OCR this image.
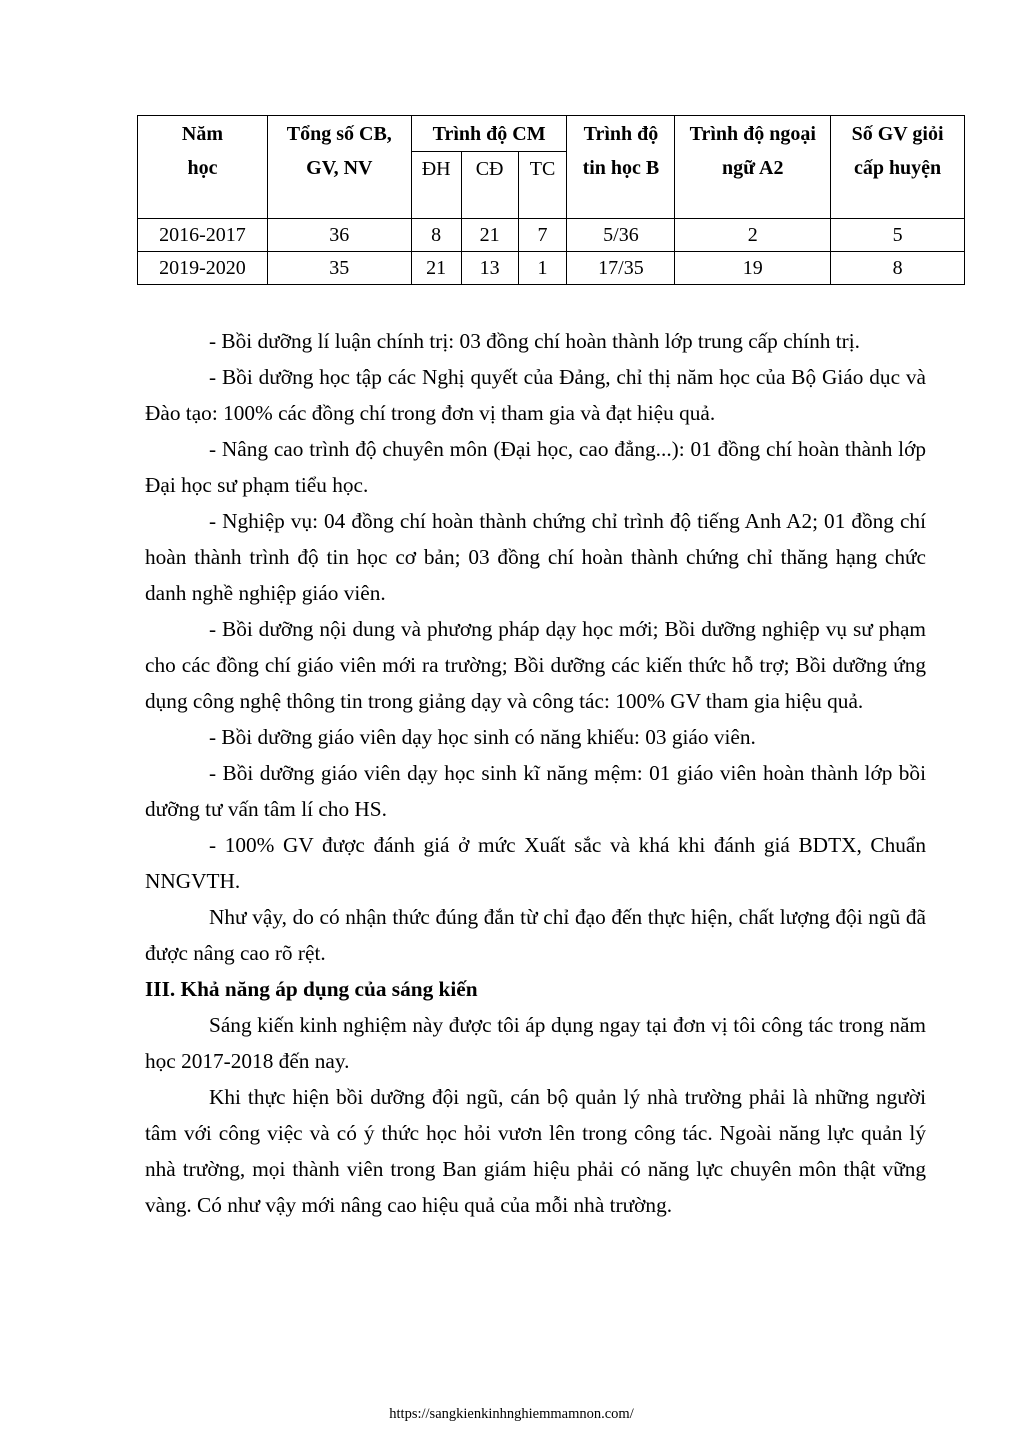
Năm học	Tổng số CB, GV, NV	Trình độ CM			Trình độ tin học B	Trình độ ngoại ngữ A2	Số GV giỏi cấp huyện
		ĐH	CĐ	TC			
2016-2017	36	8	21	7	5/36	2	5
2019-2020	35	21	13	1	17/35	19	8

- Bồi dưỡng lí luận chính trị: 03 đồng chí hoàn thành lớp trung cấp chính trị.

- Bồi dưỡng học tập các Nghị quyết của Đảng, chỉ thị năm học của Bộ Giáo dục và Đào tạo: 100% các đồng chí trong đơn vị tham gia và đạt hiệu quả.

- Nâng cao trình độ chuyên môn (Đại học, cao đẳng...): 01 đồng chí hoàn thành lớp Đại học sư phạm tiểu học.

- Nghiệp vụ: 04 đồng chí hoàn thành chứng chỉ trình độ tiếng Anh A2; 01 đồng chí hoàn thành trình độ tin học cơ bản; 03 đồng chí hoàn thành chứng chỉ thăng hạng chức danh nghề nghiệp giáo viên.

- Bồi dưỡng nội dung và phương pháp dạy học mới; Bồi dưỡng nghiệp vụ sư phạm cho các đồng chí giáo viên mới ra trường; Bồi dưỡng các kiến thức hỗ trợ; Bồi dưỡng ứng dụng công nghệ thông tin trong giảng dạy và công tác: 100% GV tham gia hiệu quả.

- Bồi dưỡng giáo viên dạy học sinh có năng khiếu: 03 giáo viên.

- Bồi dưỡng giáo viên dạy học sinh kĩ năng mệm: 01 giáo viên hoàn thành lớp bồi dưỡng tư vấn tâm lí cho HS.

- 100% GV được đánh giá ở mức Xuất sắc và khá khi đánh giá BDTX, Chuẩn NNGVTH.

Như vậy, do có nhận thức đúng đắn từ chỉ đạo đến thực hiện, chất lượng đội ngũ đã được nâng cao rõ rệt.

III. Khả năng áp dụng của sáng kiến

Sáng kiến kinh nghiệm này được tôi áp dụng ngay tại đơn vị tôi công tác trong năm học 2017-2018 đến nay.

Khi thực hiện bồi dưỡng đội ngũ, cán bộ quản lý nhà trường phải là những người tâm với công việc và có ý thức học hỏi vươn lên trong công tác. Ngoài năng lực quản lý nhà trường, mọi thành viên trong Ban giám hiệu phải có năng lực chuyên môn thật vững vàng. Có như vậy mới nâng cao hiệu quả của mỗi nhà trường.

https://sangkienkinhnghiemmamnon.com/
